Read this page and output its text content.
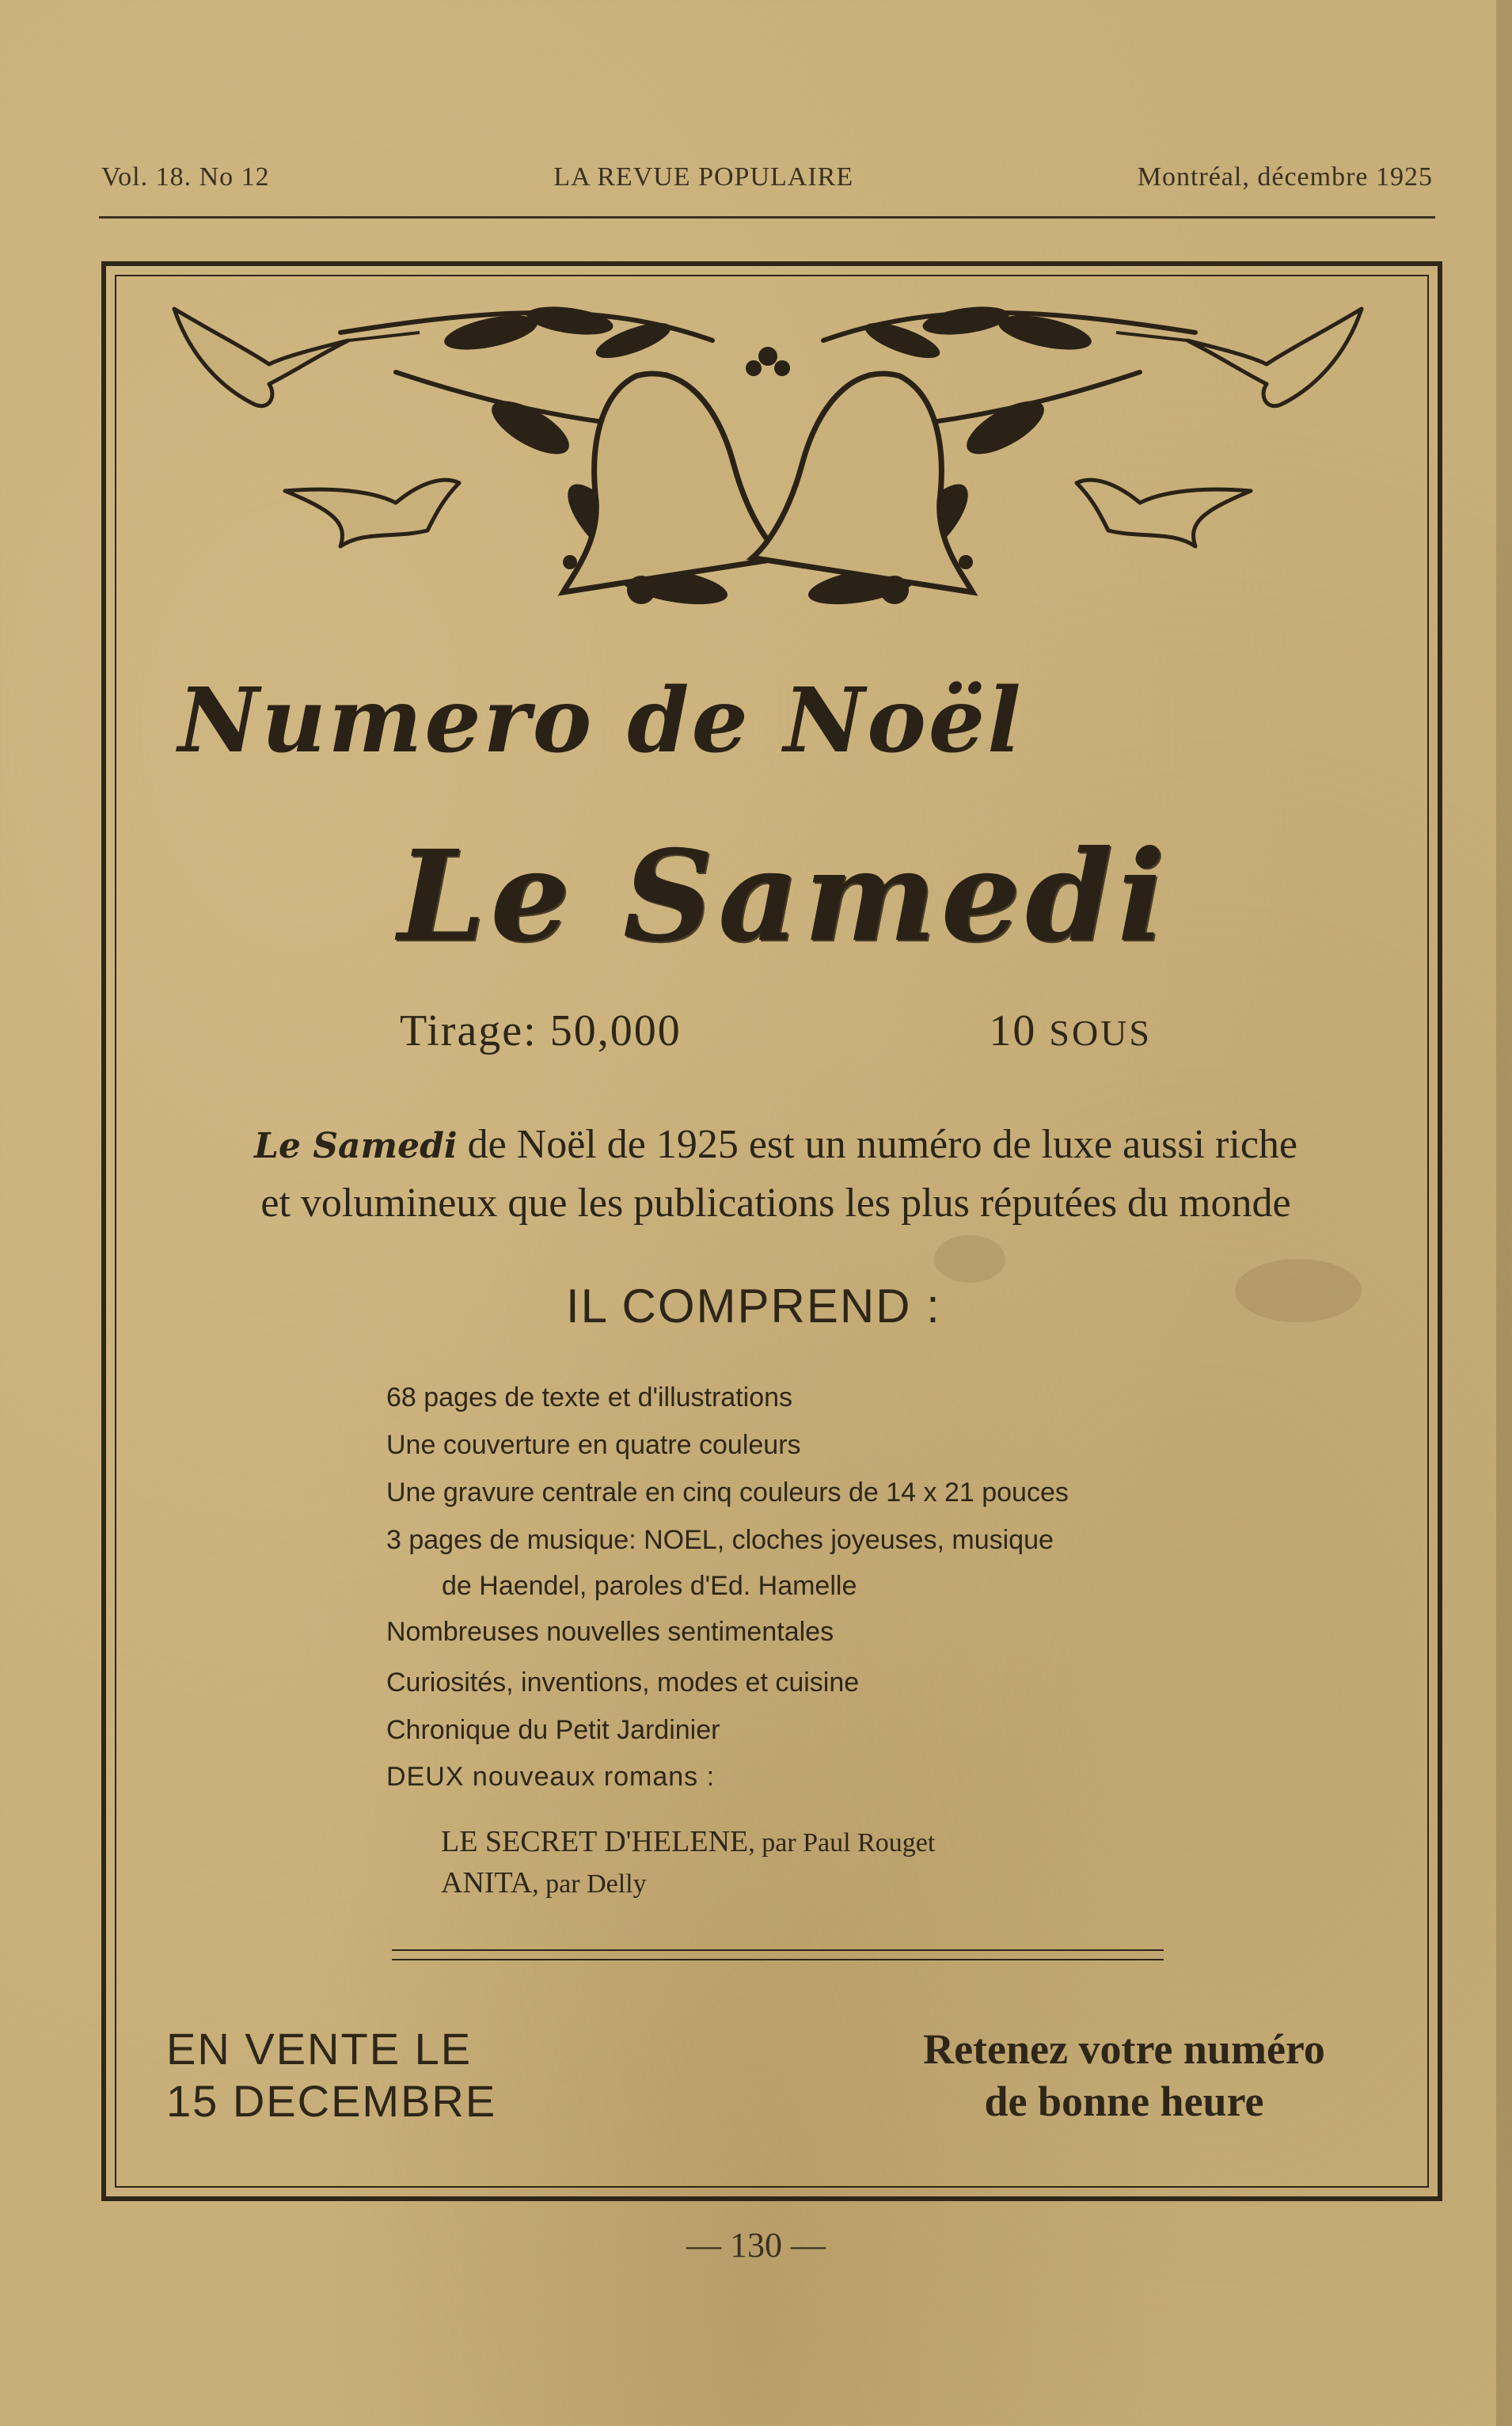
Vol. 18. No 12	LA REVUE POPULAIRE	Montréal, décembre 1925
Numero de Noël
Le Samedi
Tirage: 50,000	10 SOUS
Le Samedi de Noël de 1925 est un numéro de luxe aussi riche
et volumineux que les publications les plus réputées du monde
IL COMPREND :
68 pages de texte et d'illustrations
Une couverture en quatre couleurs
Une gravure centrale en cinq couleurs de 14 x 21 pouces
3 pages de musique: NOEL, cloches joyeuses, musique
de Haendel, paroles d'Ed. Hamelle
Nombreuses nouvelles sentimentales
Curiosités, inventions, modes et cuisine
Chronique du Petit Jardinier
DEUX nouveaux romans :
LE SECRET D'HELENE, par Paul Rouget
ANITA, par Delly
EN VENTE LE
15 DECEMBRE
Retenez votre numéro
de bonne heure
— 130 —
